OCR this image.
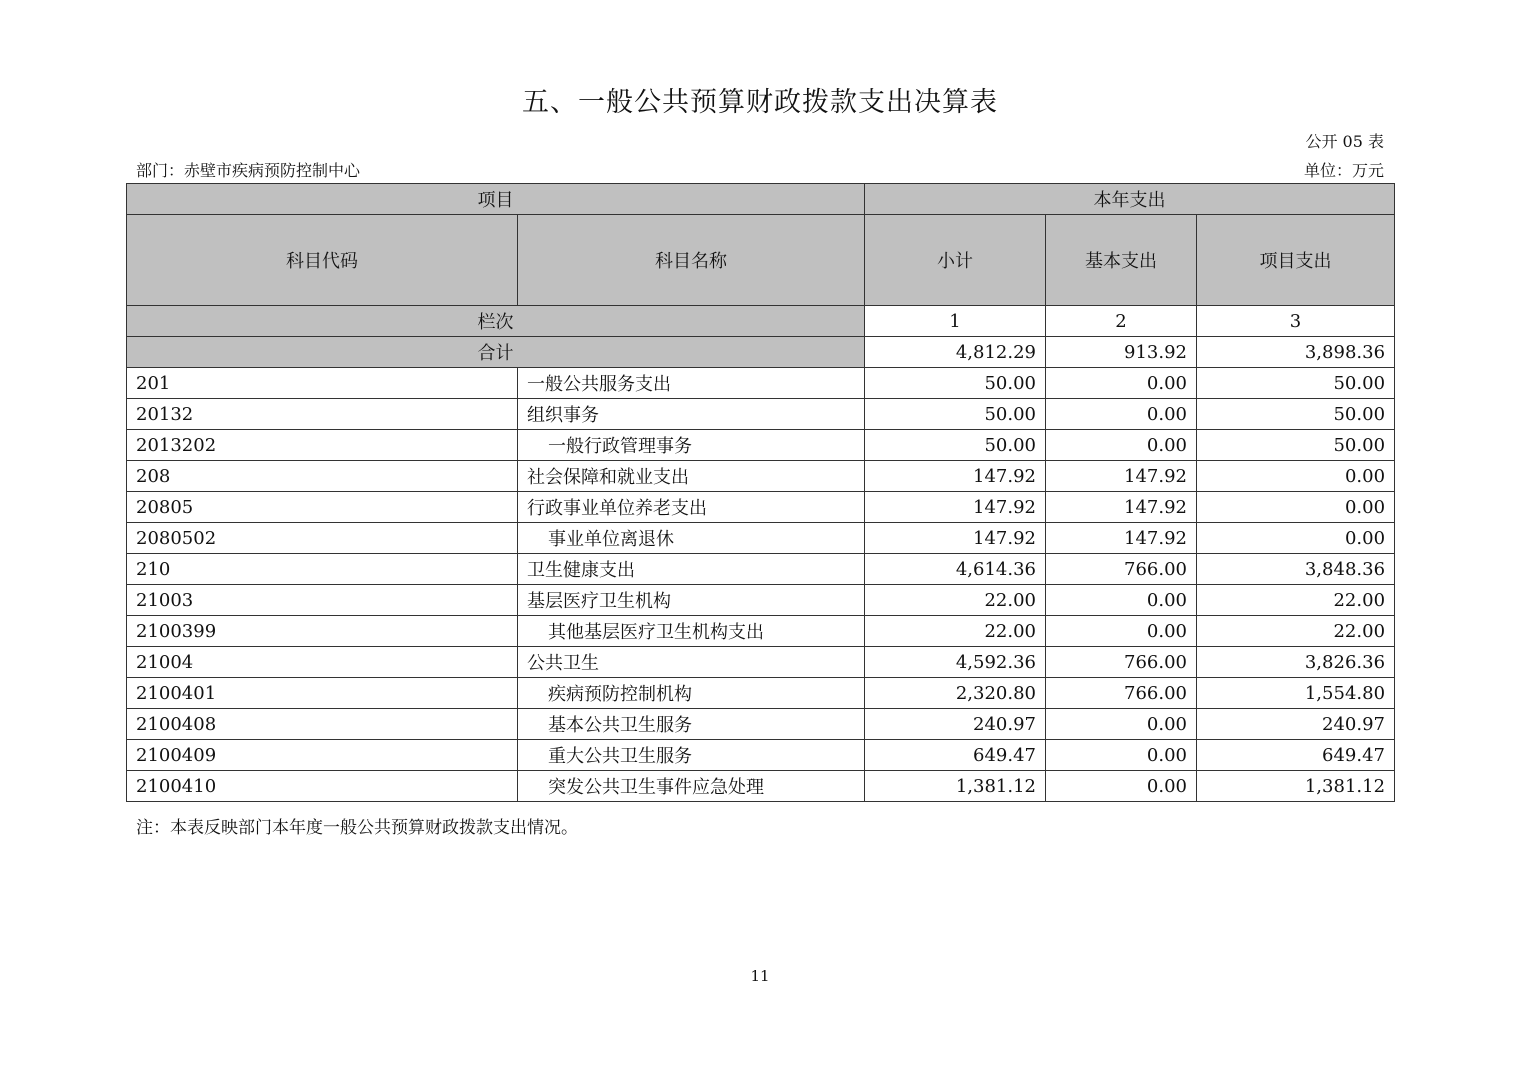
五、一般公共预算财政拨款支出决算表
公开 05 表
部门：赤壁市疾病预防控制中心	单位：万元
项目		本年支出		
科目代码	科目名称	小计	基本支出	项目支出
栏次		1	2	3
合计		4,812.29	913.92	3,898.36
201	一般公共服务支出	50.00	0.00	50.00
20132	组织事务	50.00	0.00	50.00
2013202	一般行政管理事务	50.00	0.00	50.00
208	社会保障和就业支出	147.92	147.92	0.00
20805	行政事业单位养老支出	147.92	147.92	0.00
2080502	事业单位离退休	147.92	147.92	0.00
210	卫生健康支出	4,614.36	766.00	3,848.36
21003	基层医疗卫生机构	22.00	0.00	22.00
2100399	其他基层医疗卫生机构支出	22.00	0.00	22.00
21004	公共卫生	4,592.36	766.00	3,826.36
2100401	疾病预防控制机构	2,320.80	766.00	1,554.80
2100408	基本公共卫生服务	240.97	0.00	240.97
2100409	重大公共卫生服务	649.47	0.00	649.47
2100410	突发公共卫生事件应急处理	1,381.12	0.00	1,381.12
注：本表反映部门本年度一般公共预算财政拨款支出情况。
11
